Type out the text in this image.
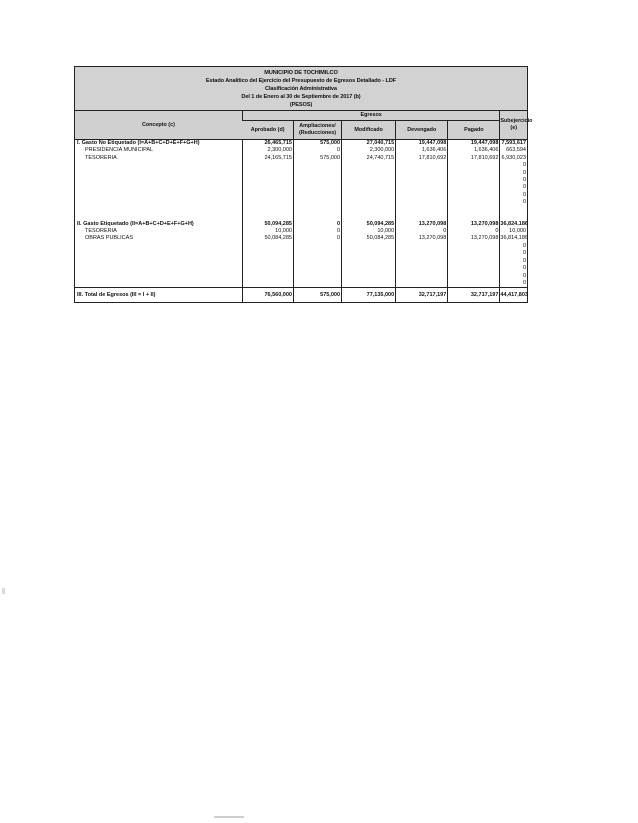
MUNICIPIO DE TOCHIMILCO
Estado Analítico del Ejercicio del Presupuesto de Egresos Detallado - LDF
Clasificación Administrativa
Del 1 de Enero al 30 de Septiembre de 2017 (b)
(PESOS)
Concepto (c)	Egresos					Subejercicio (e)
	Aprobado (d)	Ampliaciones/ (Reducciones)	Modificado	Devengado	Pagado	
I. Gasto No Etiquetado (I=A+B+C+D+E+F+G+H)	26,465,715	575,000	27,040,715	19,447,098	19,447,098	7,593,617
PRESIDENCIA MUNICIPAL	2,300,000	0	2,300,000	1,636,406	1,636,406	663,594
TESORERIA	24,165,715	575,000	24,740,715	17,810,692	17,810,692	6,930,023
						0
						0
						0
						0
						0
						0

II. Gasto Etiquetado (II=A+B+C+D+E+F+G+H)	50,094,285	0	50,094,285	13,270,098	13,270,098	36,824,186
TESORERIA	10,000	0	10,000	0	0	10,000
OBRAS PUBLICAS	50,084,285	0	50,084,285	13,270,098	13,270,098	36,814,186
						0
						0
						0
						0
						0
						0
III. Total de Egresos (III = I + II)	76,560,000	575,000	77,135,000	32,717,197	32,717,197	44,417,803
